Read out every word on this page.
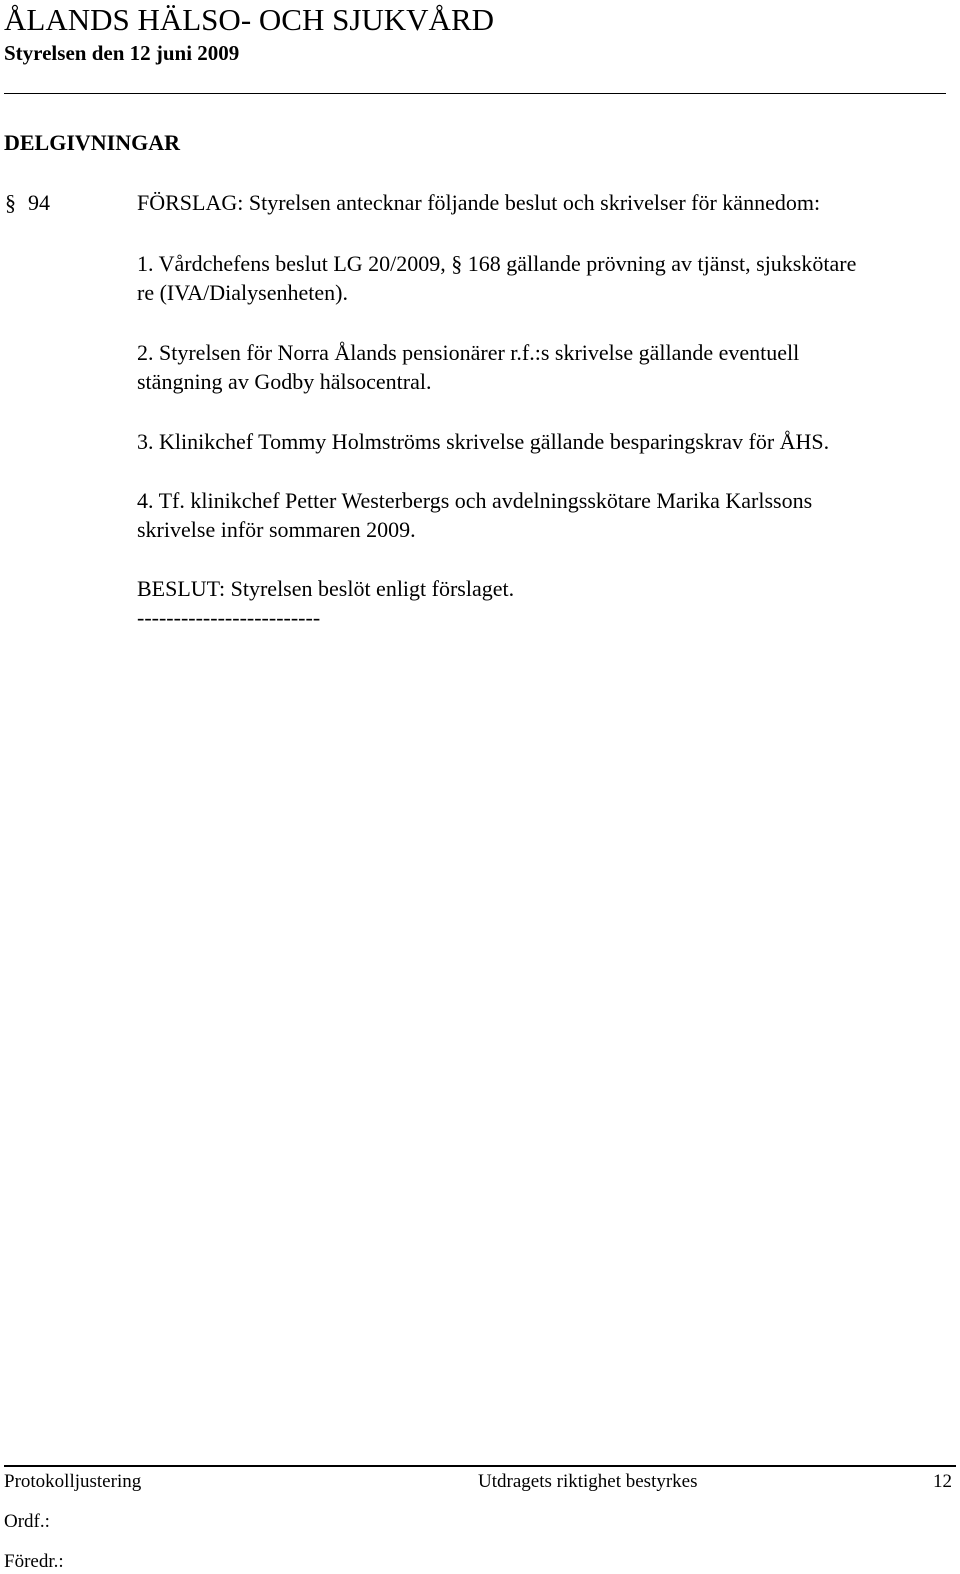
ÅLANDS HÄLSO- OCH SJUKVÅRD
Styrelsen den 12 juni 2009
DELGIVNINGAR
§ 94	FÖRSLAG: Styrelsen antecknar följande beslut och skrivelser för kännedom:
1. Vårdchefens beslut LG 20/2009, § 168 gällande prövning av tjänst, sjukskötare
re (IVA/Dialysenheten).
2. Styrelsen för Norra Ålands pensionärer r.f.:s skrivelse gällande eventuell
stängning av Godby hälsocentral.
3. Klinikchef Tommy Holmströms skrivelse gällande besparingskrav för ÅHS.
4. Tf. klinikchef Petter Westerbergs och avdelningsskötare Marika Karlssons
skrivelse inför sommaren 2009.
BESLUT: Styrelsen beslöt enligt förslaget.
-------------------------
Protokolljustering	Utdragets riktighet bestyrkes	12
Ordf.:
Föredr.:
